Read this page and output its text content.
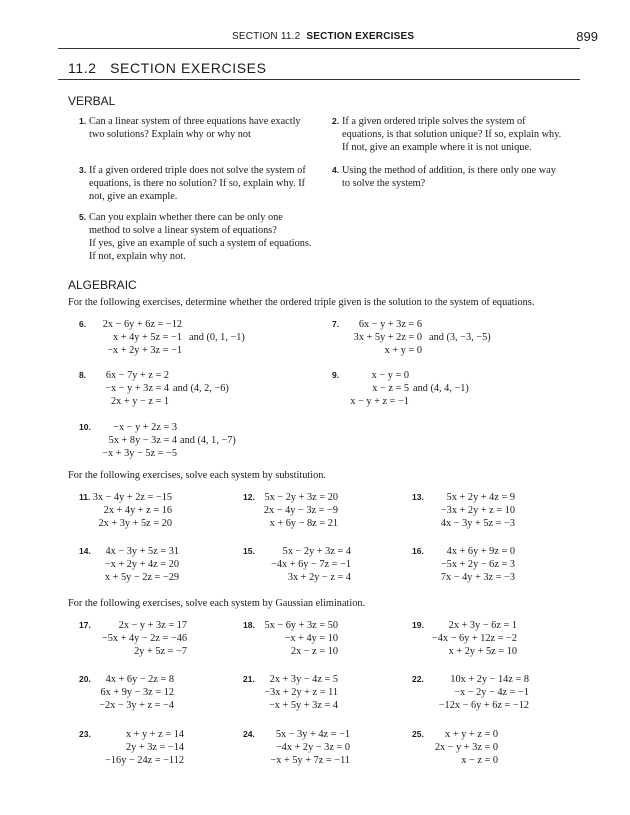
SECTION 11.2 SECTION EXERCISES	899
11.2   SECTION EXERCISES
VERBAL
1. Can a linear system of three equations have exactly
two solutions? Explain why or why not
2. If a given ordered triple solves the system of
equations, is that solution unique? If so, explain why.
If not, give an example where it is not unique.
3. If a given ordered triple does not solve the system of
equations, is there no solution? If so, explain why. If
not, give an example.
4. Using the method of addition, is there only one way
to solve the system?
5. Can you explain whether there can be only one
method to solve a linear system of equations?
If yes, give an example of such a system of equations.
If not, explain why not.
ALGEBRAIC
For the following exercises, determine whether the ordered triple given is the solution to the system of equations.
6.	2x − 6y + 6z = −12
x + 4y + 5z = −1
−x + 2y + 3z = −1
and (0, 1, −1)
7.	6x − y + 3z = 6
3x + 5y + 2z = 0
x + y = 0
and (3, −3, −5)
8.	6x − 7y + z = 2
−x − y + 3z = 4
2x + y − z = 1
and (4, 2, −6)
9.	x − y = 0
x − z = 5
x − y + z = −1
and (4, 4, −1)
10.	−x − y + 2z = 3
5x + 8y − 3z = 4
−x + 3y − 5z = −5
and (4, 1, −7)
For the following exercises, solve each system by substitution.
11. 3x − 4y + 2z = −15
2x + 4y + z = 16
2x + 3y + 5z = 20
12. 5x − 2y + 3z = 20
2x − 4y − 3z = −9
x + 6y − 8z = 21
13.	5x + 2y + 4z = 9
−3x + 2y + z = 10
4x − 3y + 5z = −3
14.	4x − 3y + 5z = 31
−x + 2y + 4z = 20
x + 5y − 2z = −29
15.	5x − 2y + 3z = 4
−4x + 6y − 7z = −1
3x + 2y − z = 4
16.	4x + 6y + 9z = 0
−5x + 2y − 6z = 3
7x − 4y + 3z = −3
For the following exercises, solve each system by Gaussian elimination.
17.	2x − y + 3z = 17
−5x + 4y − 2z = −46
2y + 5z = −7
18. 5x − 6y + 3z = 50
−x + 4y = 10
2x − z = 10
19.	2x + 3y − 6z = 1
−4x − 6y + 12z = −2
x + 2y + 5z = 10
20.	4x + 6y − 2z = 8
6x + 9y − 3z = 12
−2x − 3y + z = −4
21.	2x + 3y − 4z = 5
−3x + 2y + z = 11
−x + 5y + 3z = 4
22.	10x + 2y − 14z = 8
−x − 2y − 4z = −1
−12x − 6y + 6z = −12
23.	x + y + z = 14
2y + 3z = −14
−16y − 24z = −112
24.	5x − 3y + 4z = −1
−4x + 2y − 3z = 0
−x + 5y + 7z = −11
25.	x + y + z = 0
2x − y + 3z = 0
x − z = 0
